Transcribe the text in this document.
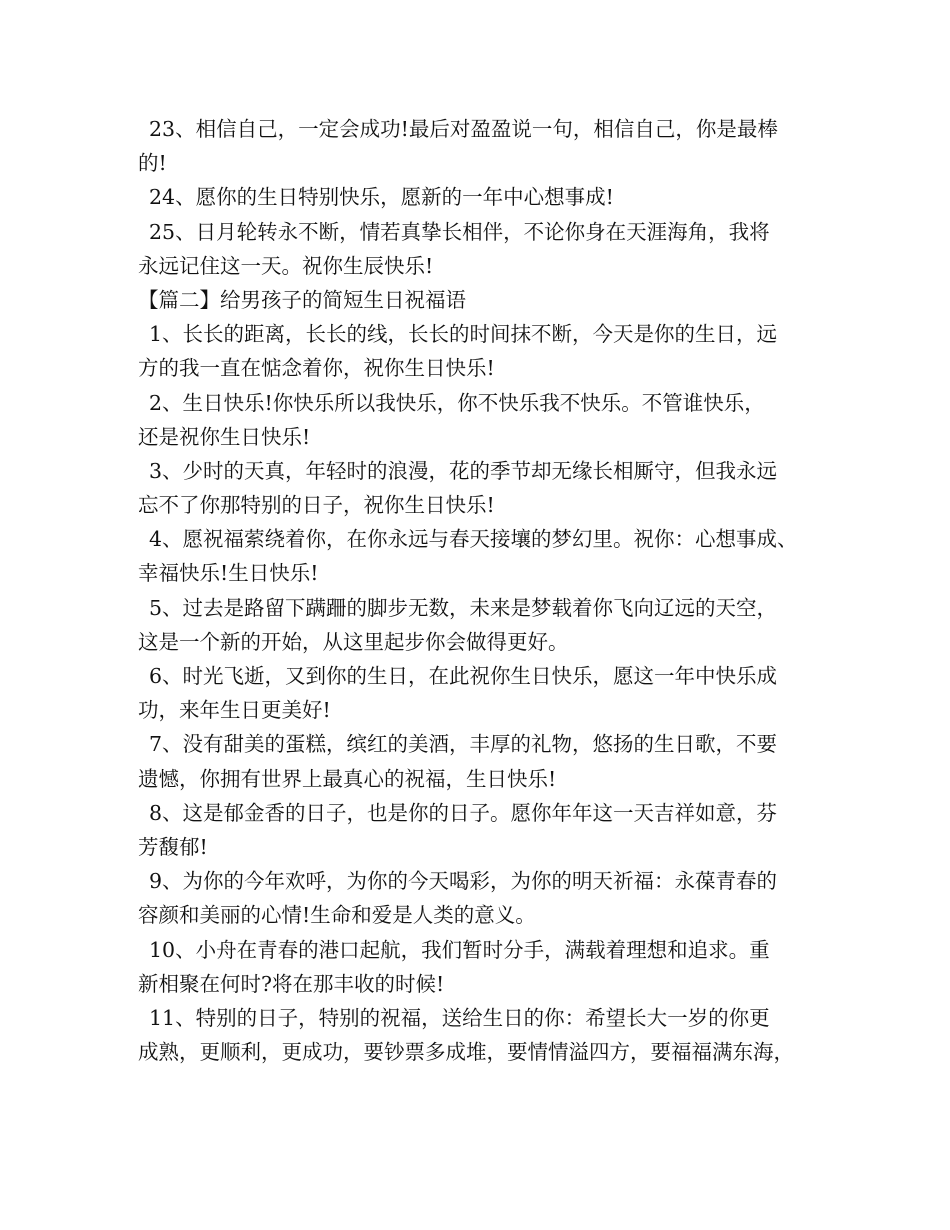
23、相信自己，一定会成功!最后对盈盈说一句，相信自己，你是最棒
的!
24、愿你的生日特别快乐，愿新的一年中心想事成!
25、日月轮转永不断，情若真挚长相伴，不论你身在天涯海角，我将
永远记住这一天。祝你生辰快乐!
【篇二】给男孩子的简短生日祝福语
1、长长的距离，长长的线，长长的时间抹不断，今天是你的生日，远
方的我一直在惦念着你，祝你生日快乐!
2、生日快乐!你快乐所以我快乐，你不快乐我不快乐。不管谁快乐，
还是祝你生日快乐!
3、少时的天真，年轻时的浪漫，花的季节却无缘长相厮守，但我永远
忘不了你那特别的日子，祝你生日快乐!
4、愿祝福萦绕着你，在你永远与春天接壤的梦幻里。祝你：心想事成、
幸福快乐!生日快乐!
5、过去是路留下蹒跚的脚步无数，未来是梦载着你飞向辽远的天空，
这是一个新的开始，从这里起步你会做得更好。
6、时光飞逝，又到你的生日，在此祝你生日快乐，愿这一年中快乐成
功，来年生日更美好!
7、没有甜美的蛋糕，缤红的美酒，丰厚的礼物，悠扬的生日歌，不要
遗憾，你拥有世界上最真心的祝福，生日快乐!
8、这是郁金香的日子，也是你的日子。愿你年年这一天吉祥如意，芬
芳馥郁!
9、为你的今年欢呼，为你的今天喝彩，为你的明天祈福：永葆青春的
容颜和美丽的心情!生命和爱是人类的意义。
10、小舟在青春的港口起航，我们暂时分手，满载着理想和追求。重
新相聚在何时?将在那丰收的时候!
11、特别的日子，特别的祝福，送给生日的你：希望长大一岁的你更
成熟，更顺利，更成功，要钞票多成堆，要情情溢四方，要福福满东海，
